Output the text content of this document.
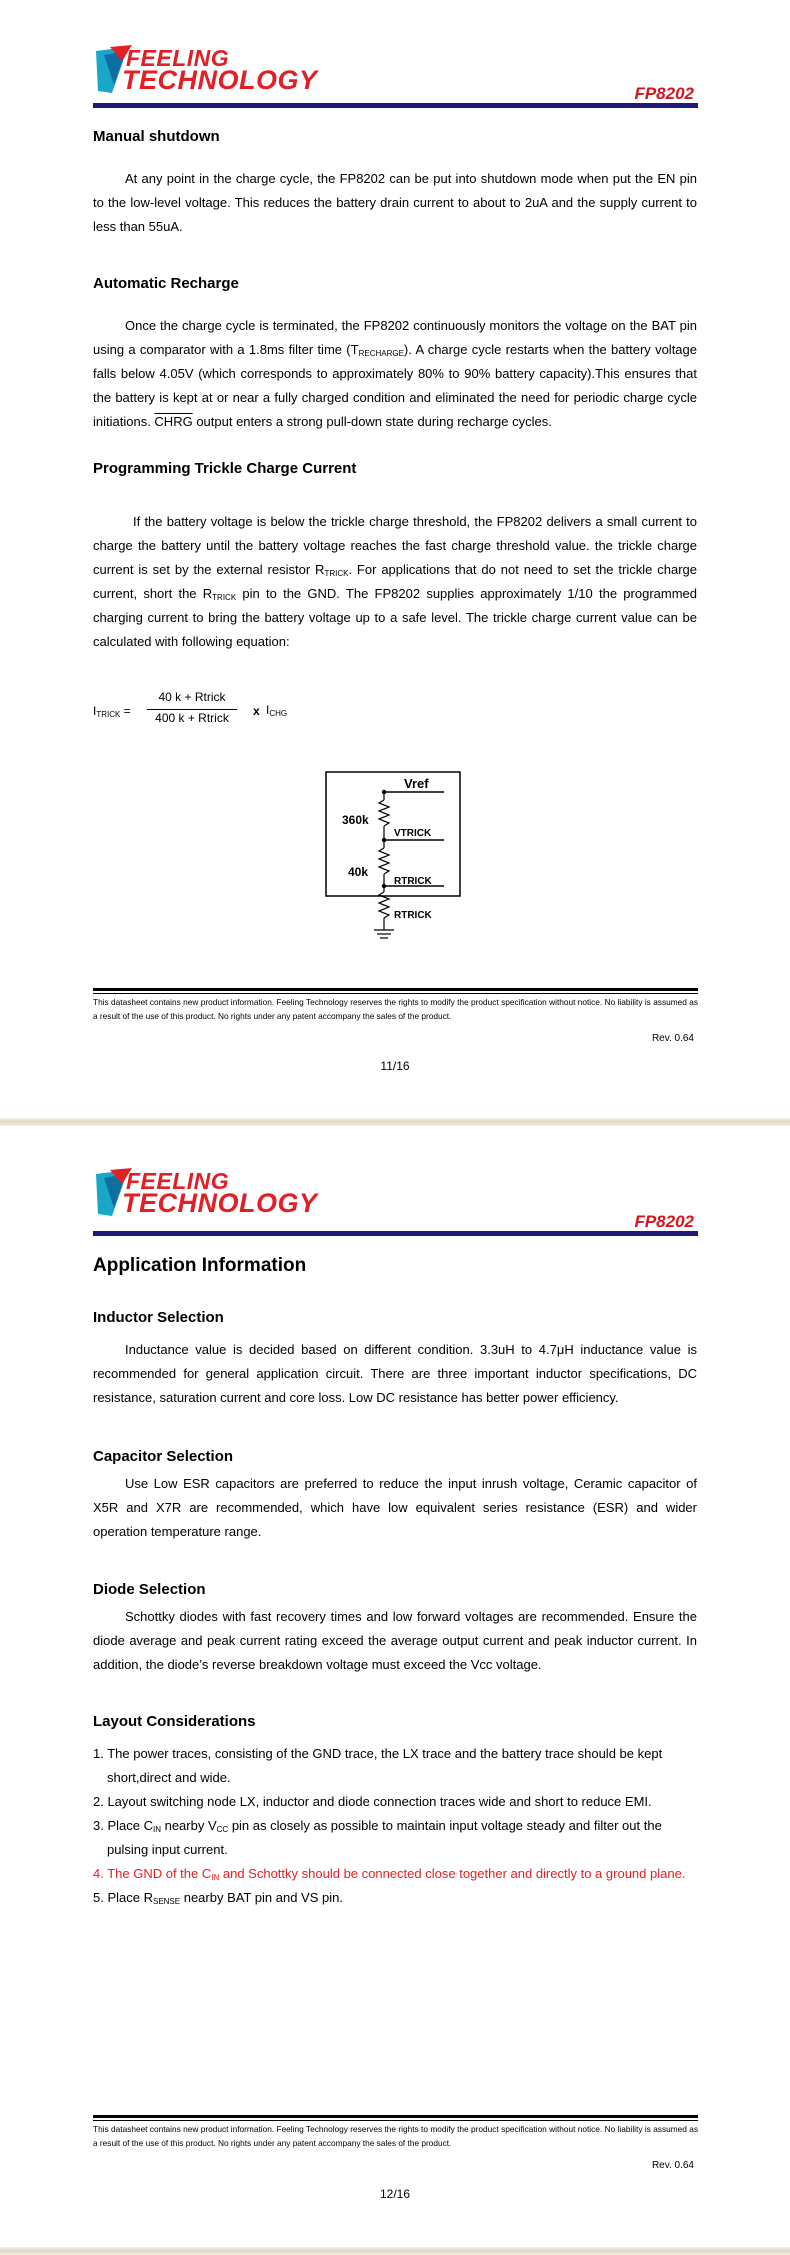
FEELING
TECHNOLOGY	FP8202
Manual shutdown
At any point in the charge cycle, the FP8202 can be put into shutdown mode when put the EN pin to the low-level voltage. This reduces the battery drain current to about to 2uA and the supply current to less than 55uA.
Automatic Recharge
Once the charge cycle is terminated, the FP8202 continuously monitors the voltage on the BAT pin using a comparator with a 1.8ms filter time $(T_{RECHARGE})$. A charge cycle restarts when the battery voltage falls below 4.05V (which corresponds to approximately 80% to 90% battery capacity).This ensures that the battery is kept at or near a fully charged condition and eliminated the need for periodic charge cycle initiations. CHRG output enters a strong pull-down state during recharge cycles.
Programming Trickle Charge Current
If the battery voltage is below the trickle charge threshold, the FP8202 delivers a small current to charge the battery until the battery voltage reaches the fast charge threshold value. the trickle charge current is set by the external resistor $R_{TRICK}$. For applications that do not need to set the trickle charge current, short the $R_{TRICK}$ pin to the GND. The FP8202 supplies approximately 1/10 the programmed charging current to bring the battery voltage up to a safe level. The trickle charge current value can be calculated with following equation:
$I_{TRICK}$ =
40 k + Rtrick
400 k + Rtrick	x $I_{CHG}$
Vref
360k
VTRICK
40k
RTRICK
RTRICK
This datasheet contains new product information. Feeling Technology reserves the rights to modify the product specification without notice. No liability is assumed as a result of the use of this product. No rights under any patent accompany the sales of the product.
Rev. 0.64
11/16
FEELING
TECHNOLOGY
FP8202
Application Information
Inductor Selection
Inductance value is decided based on different condition. 3.3uH to 4.7μH inductance value is recommended for general application circuit. There are three important inductor specifications, DC resistance, saturation current and core loss. Low DC resistance has better power efficiency.
Capacitor Selection
Use Low ESR capacitors are preferred to reduce the input inrush voltage, Ceramic capacitor of X5R and X7R are recommended, which have low equivalent series resistance (ESR) and wider operation temperature range.
Diode Selection
Schottky diodes with fast recovery times and low forward voltages are recommended. Ensure the diode average and peak current rating exceed the average output current and peak inductor current. In addition, the diode’s reverse breakdown voltage must exceed the Vcc voltage.
Layout Considerations
1. The power traces, consisting of the GND trace, the LX trace and the battery trace should be kept short,direct and wide.
2. Layout switching node LX, inductor and diode connection traces wide and short to reduce EMI.
3. Place $C_{IN}$ nearby $V_{CC}$ pin as closely as possible to maintain input voltage steady and filter out the pulsing input current.
4. The GND of the $C_{IN}$ and Schottky should be connected close together and directly to a ground plane.
5. Place $R_{SENSE}$ nearby BAT pin and VS pin.
This datasheet contains new product information. Feeling Technology reserves the rights to modify the product specification without notice. No liability is assumed as a result of the use of this product. No rights under any patent accompany the sales of the product.
Rev. 0.64
12/16
